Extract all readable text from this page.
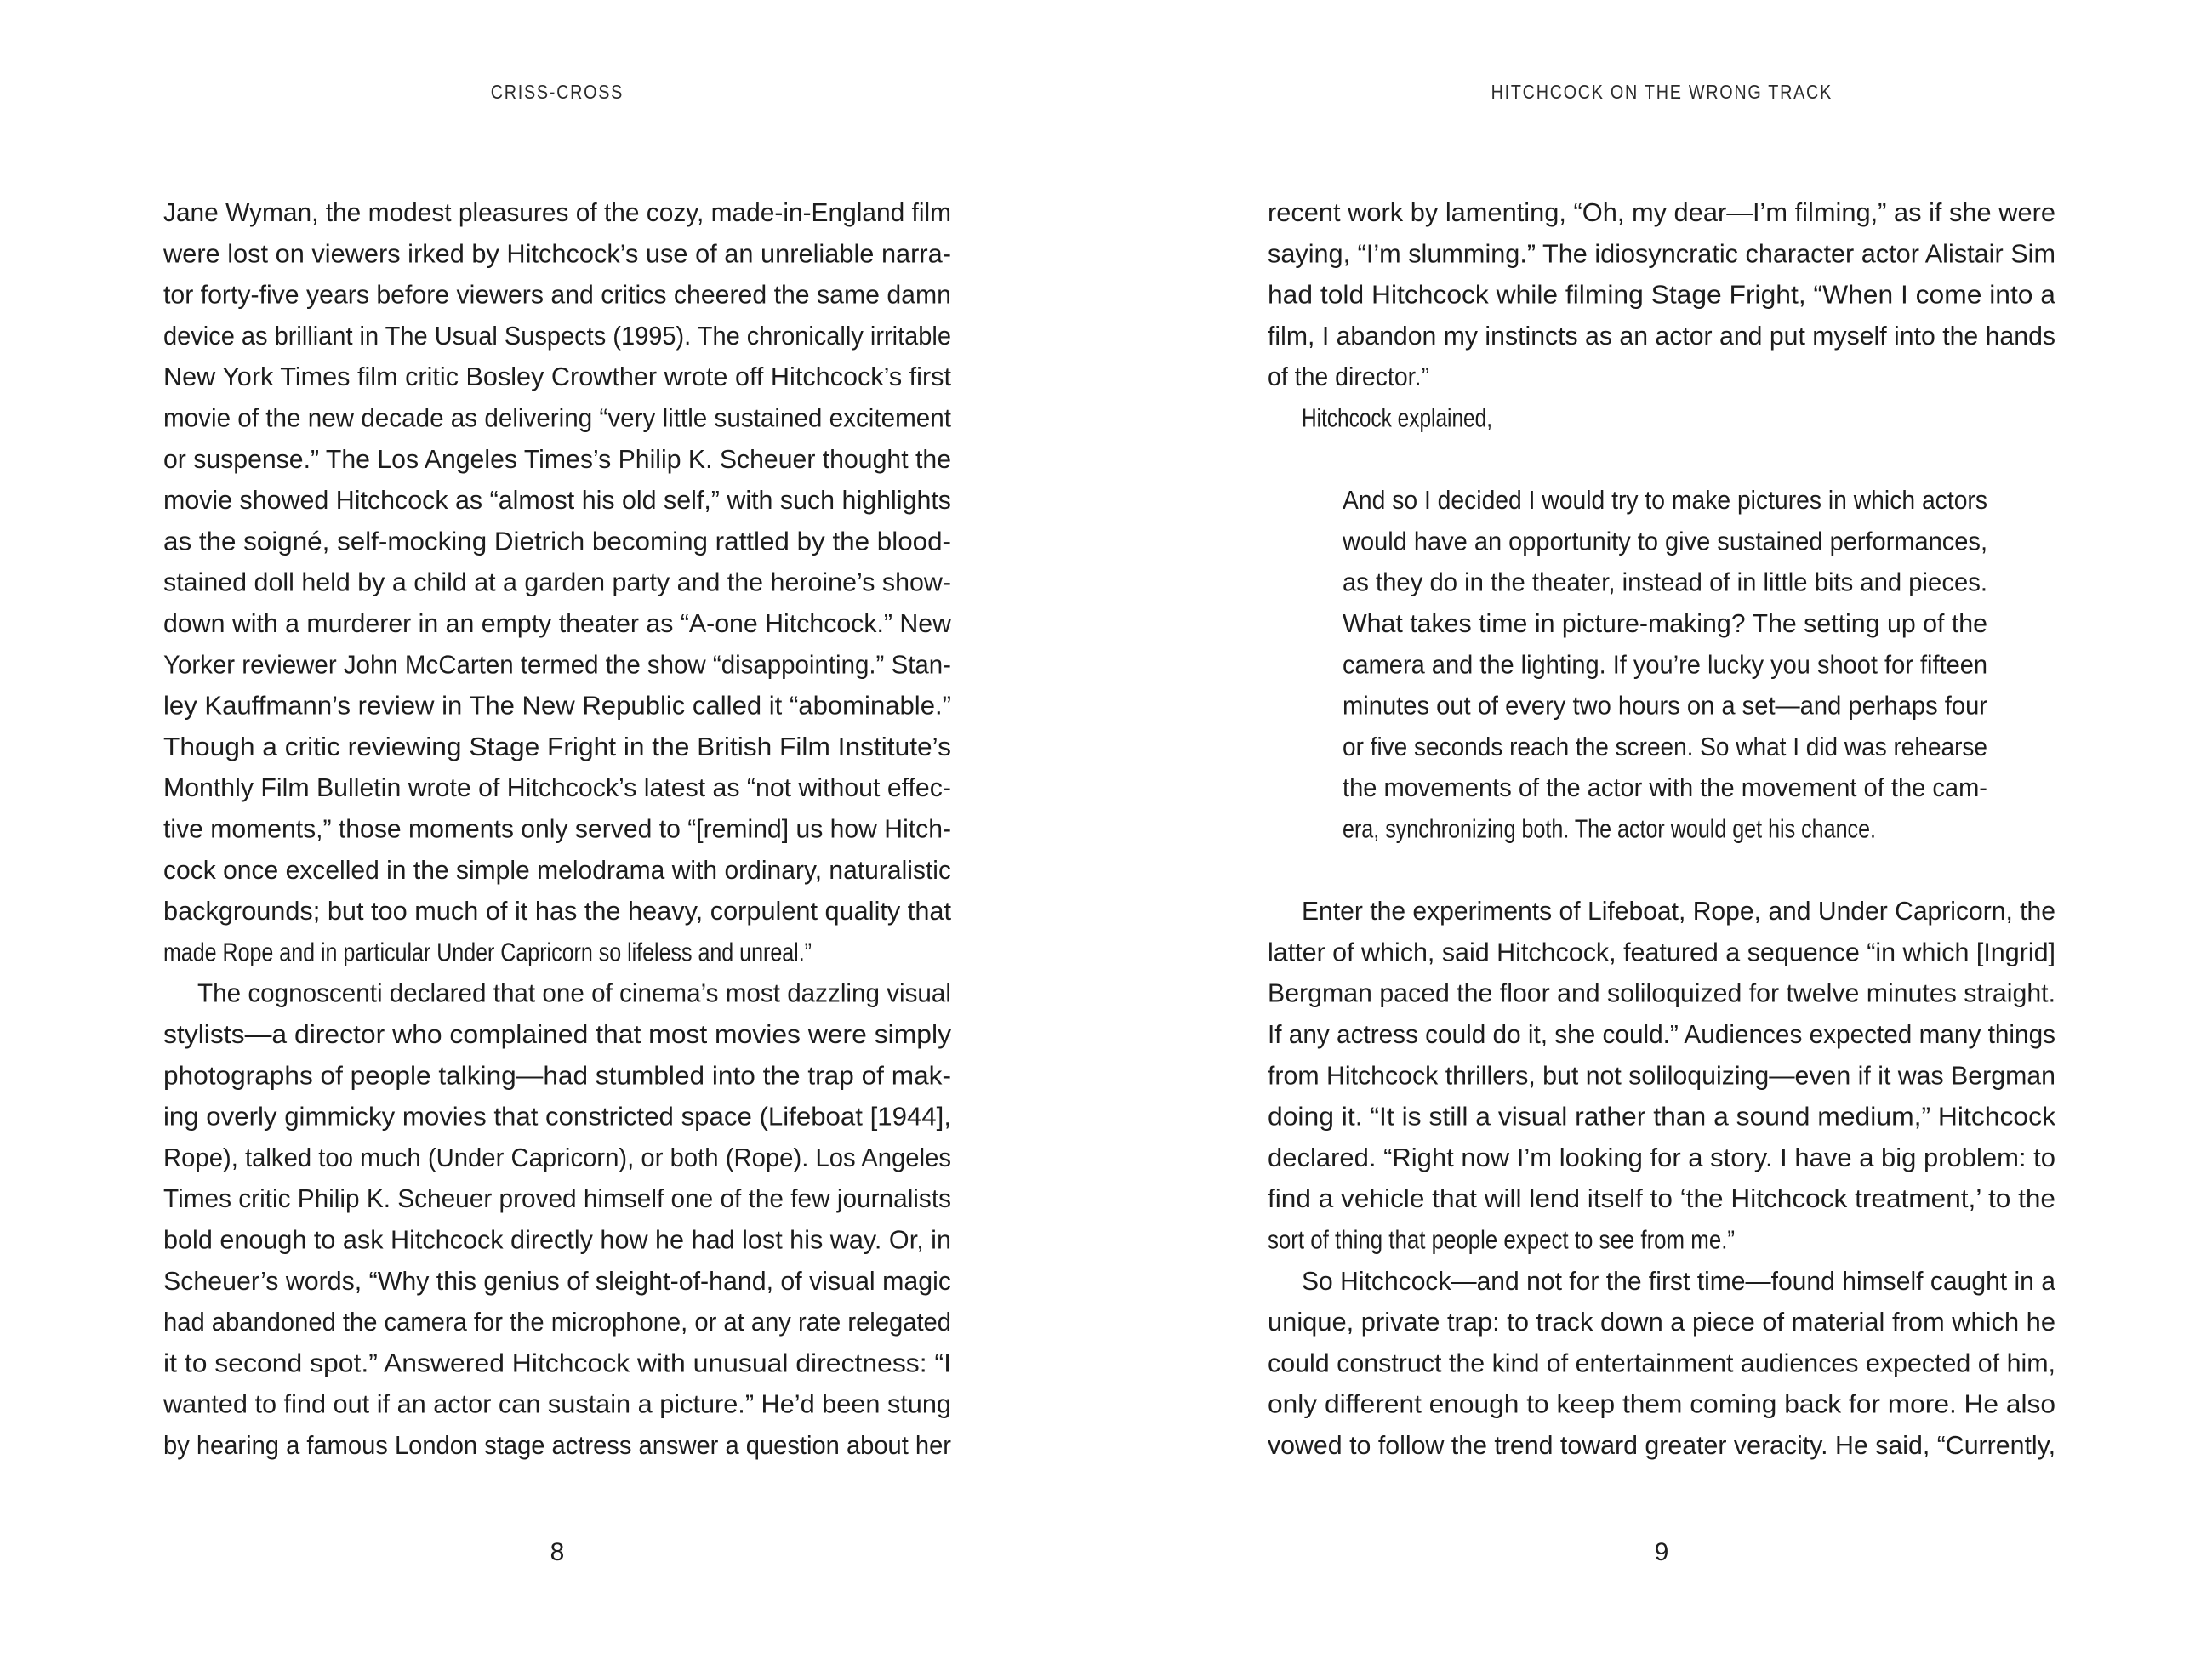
CRISS-CROSS
Jane Wyman, the modest pleasures of the cozy, made-in-England film
were lost on viewers irked by Hitchcock’s use of an unreliable narra-
tor forty-five years before viewers and critics cheered the same damn
device as brilliant in The Usual Suspects (1995). The chronically irritable
New York Times film critic Bosley Crowther wrote off Hitchcock’s first
movie of the new decade as delivering “very little sustained excitement
or suspense.” The Los Angeles Times’s Philip K. Scheuer thought the
movie showed Hitchcock as “almost his old self,” with such highlights
as the soigné, self-mocking Dietrich becoming rattled by the blood-
stained doll held by a child at a garden party and the heroine’s show-
down with a murderer in an empty theater as “A-one Hitchcock.” New
Yorker reviewer John McCarten termed the show “disappointing.” Stan-
ley Kauffmann’s review in The New Republic called it “abominable.”
Though a critic reviewing Stage Fright in the British Film Institute’s
Monthly Film Bulletin wrote of Hitchcock’s latest as “not without effec-
tive moments,” those moments only served to “[remind] us how Hitch-
cock once excelled in the simple melodrama with ordinary, naturalistic
backgrounds; but too much of it has the heavy, corpulent quality that
made Rope and in particular Under Capricorn so lifeless and unreal.”
The cognoscenti declared that one of cinema’s most dazzling visual
stylists—a director who complained that most movies were simply
photographs of people talking—had stumbled into the trap of mak-
ing overly gimmicky movies that constricted space (Lifeboat [1944],
Rope), talked too much (Under Capricorn), or both (Rope). Los Angeles
Times critic Philip K. Scheuer proved himself one of the few journalists
bold enough to ask Hitchcock directly how he had lost his way. Or, in
Scheuer’s words, “Why this genius of sleight-of-hand, of visual magic
had abandoned the camera for the microphone, or at any rate relegated
it to second spot.” Answered Hitchcock with unusual directness: “I
wanted to find out if an actor can sustain a picture.” He’d been stung
by hearing a famous London stage actress answer a question about her
8
HITCHCOCK ON THE WRONG TRACK
recent work by lamenting, “Oh, my dear—I’m filming,” as if she were
saying, “I’m slumming.” The idiosyncratic character actor Alistair Sim
had told Hitchcock while filming Stage Fright, “When I come into a
film, I abandon my instincts as an actor and put myself into the hands
of the director.”
Hitchcock explained,
And so I decided I would try to make pictures in which actors
would have an opportunity to give sustained performances,
as they do in the theater, instead of in little bits and pieces.
What takes time in picture-making? The setting up of the
camera and the lighting. If you’re lucky you shoot for fifteen
minutes out of every two hours on a set—and perhaps four
or five seconds reach the screen. So what I did was rehearse
the movements of the actor with the movement of the cam-
era, synchronizing both. The actor would get his chance.
Enter the experiments of Lifeboat, Rope, and Under Capricorn, the
latter of which, said Hitchcock, featured a sequence “in which [Ingrid]
Bergman paced the floor and soliloquized for twelve minutes straight.
If any actress could do it, she could.” Audiences expected many things
from Hitchcock thrillers, but not soliloquizing—even if it was Bergman
doing it. “It is still a visual rather than a sound medium,” Hitchcock
declared. “Right now I’m looking for a story. I have a big problem: to
find a vehicle that will lend itself to ‘the Hitchcock treatment,’ to the
sort of thing that people expect to see from me.”
So Hitchcock—and not for the first time—found himself caught in a
unique, private trap: to track down a piece of material from which he
could construct the kind of entertainment audiences expected of him,
only different enough to keep them coming back for more. He also
vowed to follow the trend toward greater veracity. He said, “Currently,
9
